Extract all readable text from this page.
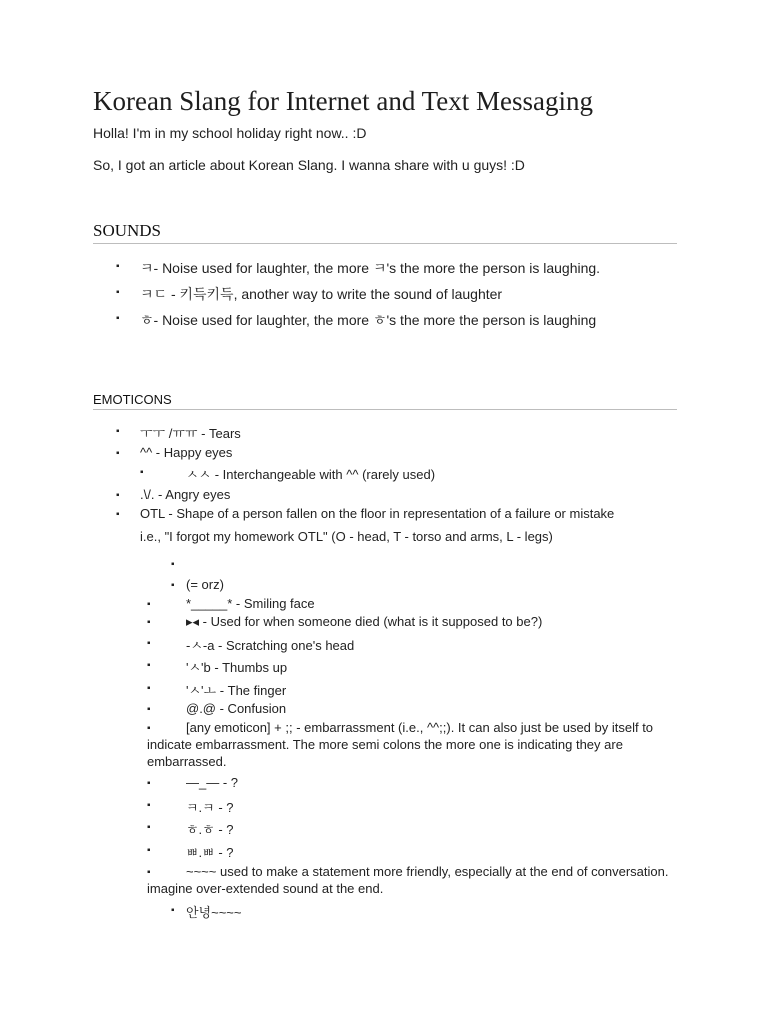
Korean Slang for Internet and Text Messaging
Holla! I'm in my school holiday right now.. :D
So, I got an article about Korean Slang. I wanna share with u guys! :D
SOUNDS
▪ ㅋ- Noise used for laughter, the more ㅋ's the more the person is laughing.
▪ ㅋㄷ - 키득키득, another way to write the sound of laughter
▪ ㅎ- Noise used for laughter, the more ㅎ's the more the person is laughing
EMOTICONS
▪ ㅜㅜ /ㅠㅠ - Tears
▪ ^^ - Happy eyes
▪	ㅅㅅ - Interchangeable with ^^ (rarely used)
▪ .\/. - Angry eyes
▪ OTL - Shape of a person fallen on the floor in representation of a failure or mistake
i.e., "I forgot my homework OTL" (O - head, T - torso and arms, L - legs)
▪
▪ (= orz)
▪	*_____* - Smiling face
▪	▸◂ - Used for when someone died (what is it supposed to be?)
▪	-ㅅ-a - Scratching one's head
▪	'ㅅ'b - Thumbs up
▪	'ㅅ'ㅗ - The finger
▪	@.@ - Confusion
▪	[any emoticon] + ;; - embarrassment (i.e., ^^;;). It can also just be used by itself to indicate embarrassment. The more semi colons the more one is indicating they are embarrassed.
▪	—_— - ?
▪	ㅋ.ㅋ - ?
▪	ㅎ.ㅎ - ?
▪	ㅃ.ㅃ - ?
▪	~~~~ used to make a statement more friendly, especially at the end of conversation. imagine over-extended sound at the end.
▪ 안녕~~~~
